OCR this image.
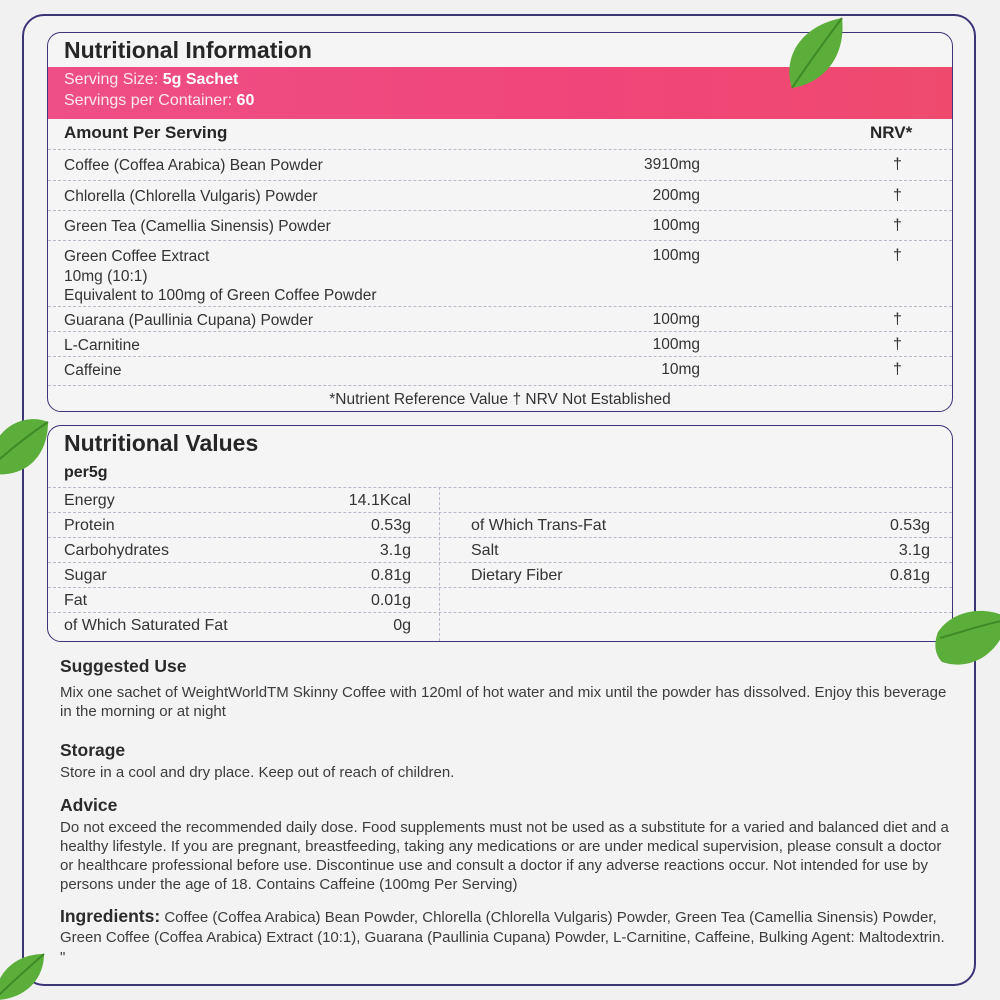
Nutritional Information
Serving Size: 5g Sachet
Servings per Container: 60
Amount Per Serving	NRV*
Coffee (Coffea Arabica) Bean Powder	3910mg	†
Chlorella (Chlorella Vulgaris) Powder	200mg	†
Green Tea (Camellia Sinensis) Powder	100mg	†
Green Coffee Extract
10mg (10:1)
Equivalent to 100mg of Green Coffee Powder
100mg	†
Guarana (Paullinia Cupana) Powder	100mg	†
L-Carnitine	100mg	†
Caffeine	10mg	†
*Nutrient Reference Value † NRV Not Established
Nutritional Values
per5g
Energy	14.1Kcal
Protein	0.53g	of Which Trans-Fat	0.53g
Carbohydrates	3.1g	Salt	3.1g
Sugar	0.81g	Dietary Fiber	0.81g
Fat	0.01g
of Which Saturated Fat	0g
Suggested Use

Mix one sachet of WeightWorldTM Skinny Coffee with 120ml of hot water and mix until the powder has dissolved. Enjoy this beverage in the morning or at night

Storage

Store in a cool and dry place. Keep out of reach of children.

Advice

Do not exceed the recommended daily dose. Food supplements must not be used as a substitute for a varied and balanced diet and a healthy lifestyle. If you are pregnant, breastfeeding, taking any medications or are under medical supervision, please consult a doctor or healthcare professional before use. Discontinue use and consult a doctor if any adverse reactions occur. Not intended for use by persons under the age of 18. Contains Caffeine (100mg Per Serving)

Ingredients: Coffee (Coffea Arabica) Bean Powder, Chlorella (Chlorella Vulgaris) Powder, Green Tea (Camellia Sinensis) Powder, Green Coffee (Coffea Arabica) Extract (10:1), Guarana (Paullinia Cupana) Powder, L-Carnitine, Caffeine, Bulking Agent: Maltodextrin. "
